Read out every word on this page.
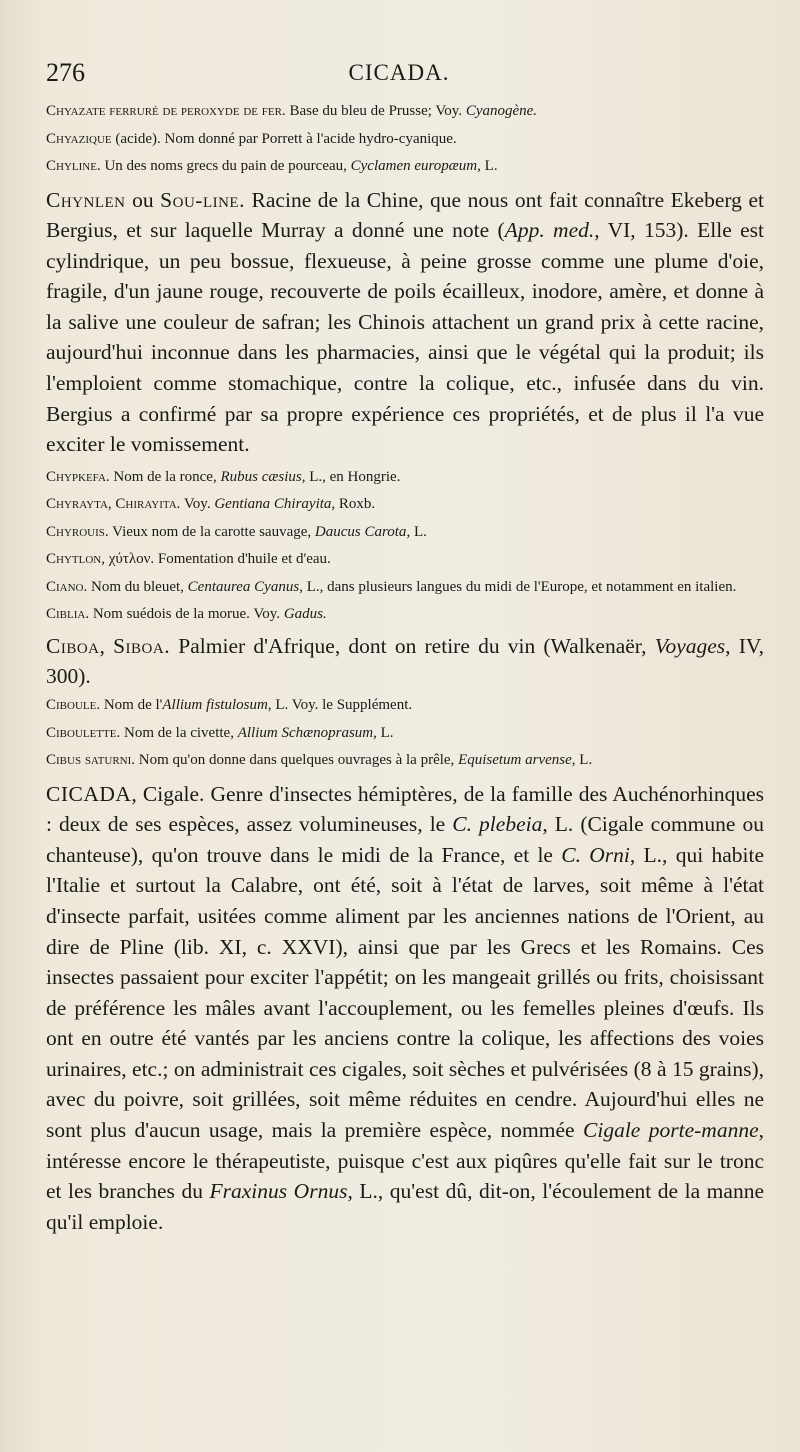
276	CICADA.

Chyazate ferruré de peroxyde de fer. Base du bleu de Prusse; Voy. Cyanogène.

Chyazique (acide). Nom donné par Porrett à l'acide hydro-cyanique.

Chyline. Un des noms grecs du pain de pourceau, Cyclamen europæum, L.

Chynlen ou Sou-line. Racine de la Chine, que nous ont fait connaître Ekeberg et Bergius, et sur laquelle Murray a donné une note (App. med., VI, 153). Elle est cylindrique, un peu bossue, flexueuse, à peine grosse comme une plume d'oie, fragile, d'un jaune rouge, recouverte de poils écailleux, inodore, amère, et donne à la salive une couleur de safran; les Chinois attachent un grand prix à cette racine, aujourd'hui inconnue dans les pharmacies, ainsi que le végétal qui la produit; ils l'emploient comme stomachique, contre la colique, etc., infusée dans du vin. Bergius a confirmé par sa propre expérience ces propriétés, et de plus il l'a vue exciter le vomissement.

Chypkefa. Nom de la ronce, Rubus cæsius, L., en Hongrie.

Chyrayta, Chirayita. Voy. Gentiana Chirayita, Roxb.

Chyrouis. Vieux nom de la carotte sauvage, Daucus Carota, L.

Chytlon, χύτλον. Fomentation d'huile et d'eau.

Ciano. Nom du bleuet, Centaurea Cyanus, L., dans plusieurs langues du midi de l'Europe, et notamment en italien.

Ciblia. Nom suédois de la morue. Voy. Gadus.

Ciboa, Siboa. Palmier d'Afrique, dont on retire du vin (Walkenaër, Voyages, IV, 300).

Ciboule. Nom de l'Allium fistulosum, L. Voy. le Supplément.

Ciboulette. Nom de la civette, Allium Schænoprasum, L.

Cibus saturni. Nom qu'on donne dans quelques ouvrages à la prêle, Equisetum arvense, L.

CICADA, Cigale. Genre d'insectes hémiptères, de la famille des Auchénorhinques : deux de ses espèces, assez volumineuses, le C. plebeia, L. (Cigale commune ou chanteuse), qu'on trouve dans le midi de la France, et le C. Orni, L., qui habite l'Italie et surtout la Calabre, ont été, soit à l'état de larves, soit même à l'état d'insecte parfait, usitées comme aliment par les anciennes nations de l'Orient, au dire de Pline (lib. XI, c. XXVI), ainsi que par les Grecs et les Romains. Ces insectes passaient pour exciter l'appétit; on les mangeait grillés ou frits, choisissant de préférence les mâles avant l'accouplement, ou les femelles pleines d'œufs. Ils ont en outre été vantés par les anciens contre la colique, les affections des voies urinaires, etc.; on administrait ces cigales, soit sèches et pulvérisées (8 à 15 grains), avec du poivre, soit grillées, soit même réduites en cendre. Aujourd'hui elles ne sont plus d'aucun usage, mais la première espèce, nommée Cigale porte-manne, intéresse encore le thérapeutiste, puisque c'est aux piqûres qu'elle fait sur le tronc et les branches du Fraxinus Ornus, L., qu'est dû, dit-on, l'écoulement de la manne qu'il emploie.
